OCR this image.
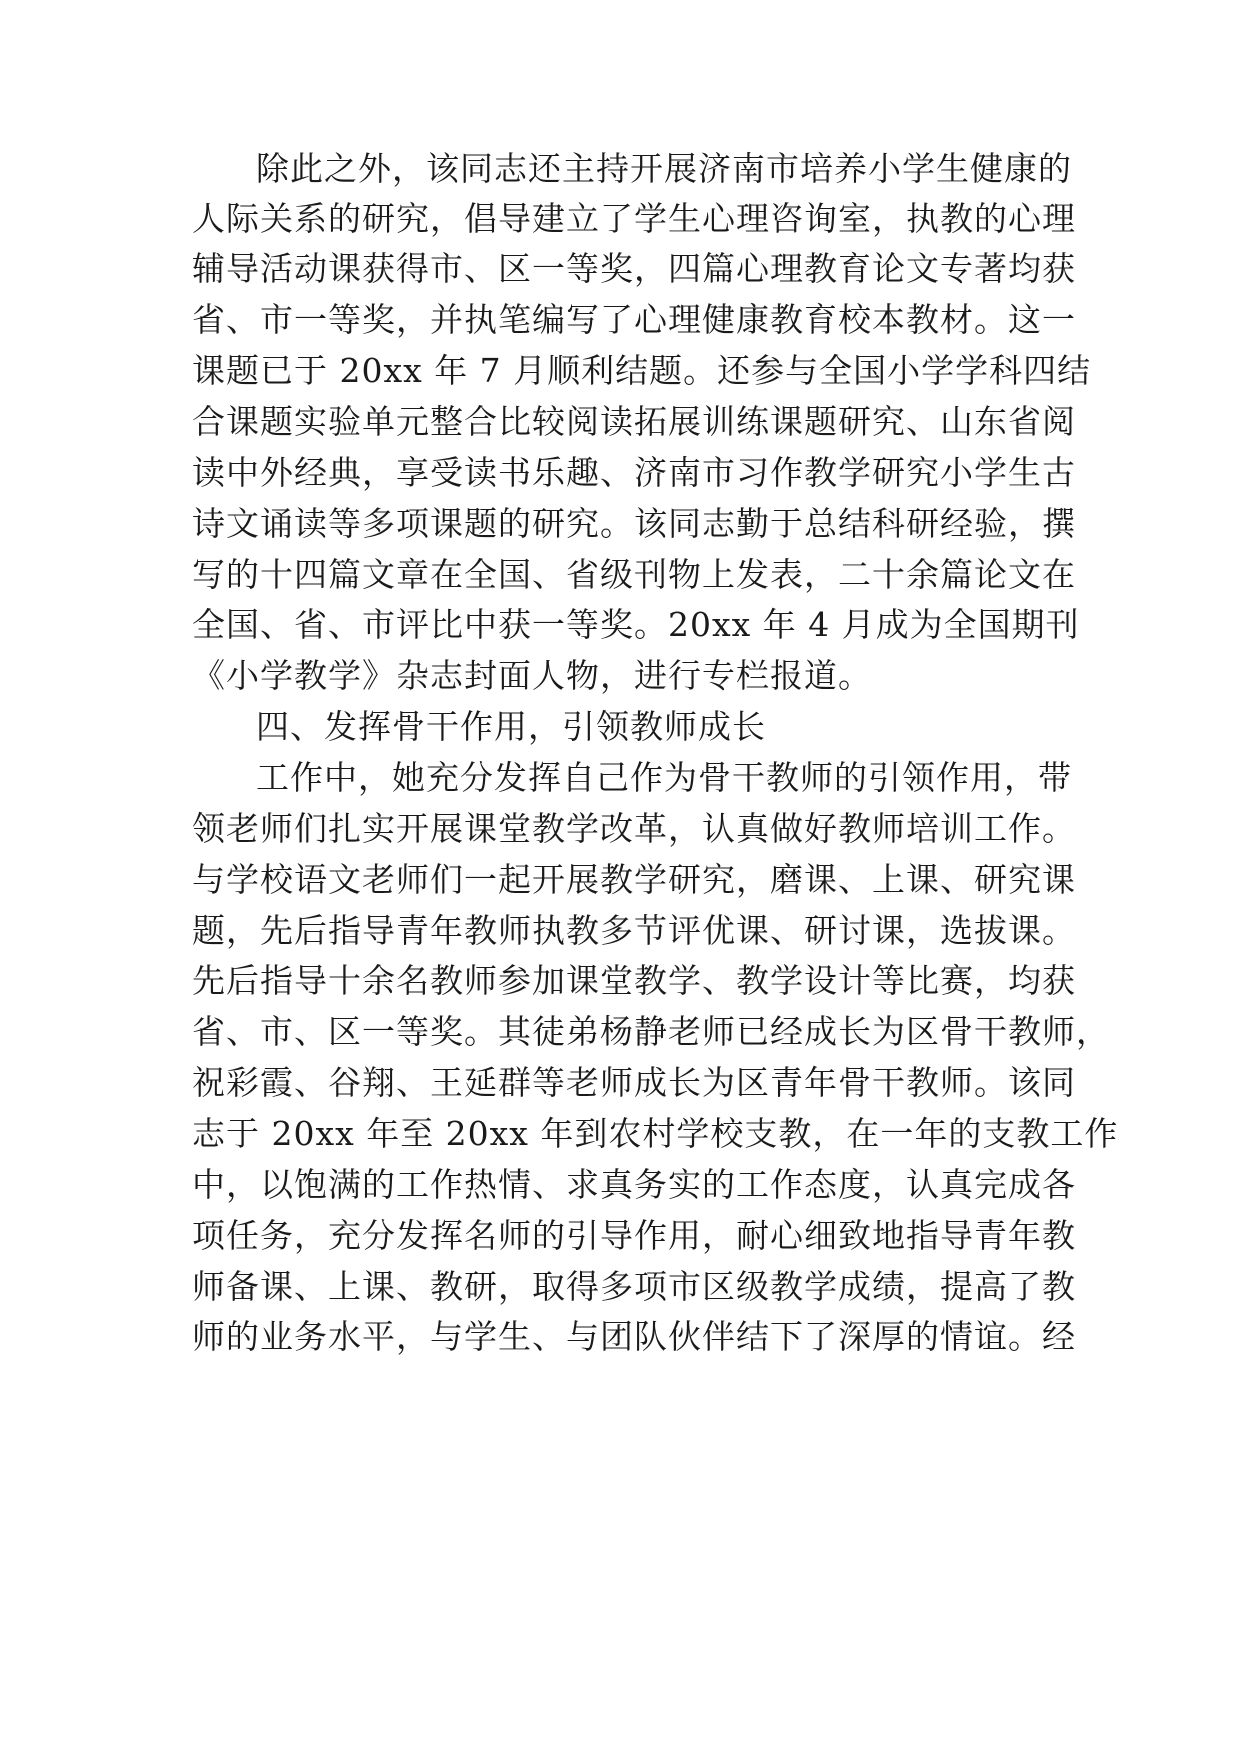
除此之外，该同志还主持开展济南市培养小学生健康的
人际关系的研究，倡导建立了学生心理咨询室，执教的心理
辅导活动课获得市、区一等奖，四篇心理教育论文专著均获
省、市一等奖，并执笔编写了心理健康教育校本教材。这一
课题已于 20xx 年 7 月顺利结题。还参与全国小学学科四结
合课题实验单元整合比较阅读拓展训练课题研究、山东省阅
读中外经典，享受读书乐趣、济南市习作教学研究小学生古
诗文诵读等多项课题的研究。该同志勤于总结科研经验，撰
写的十四篇文章在全国、省级刊物上发表，二十余篇论文在
全国、省、市评比中获一等奖。20xx 年 4 月成为全国期刊
《小学教学》杂志封面人物，进行专栏报道。
四、发挥骨干作用，引领教师成长
工作中，她充分发挥自己作为骨干教师的引领作用，带
领老师们扎实开展课堂教学改革，认真做好教师培训工作。
与学校语文老师们一起开展教学研究，磨课、上课、研究课
题，先后指导青年教师执教多节评优课、研讨课，选拔课。
先后指导十余名教师参加课堂教学、教学设计等比赛，均获
省、市、区一等奖。其徒弟杨静老师已经成长为区骨干教师，
祝彩霞、谷翔、王延群等老师成长为区青年骨干教师。该同
志于 20xx 年至 20xx 年到农村学校支教，在一年的支教工作
中，以饱满的工作热情、求真务实的工作态度，认真完成各
项任务，充分发挥名师的引导作用，耐心细致地指导青年教
师备课、上课、教研，取得多项市区级教学成绩，提高了教
师的业务水平，与学生、与团队伙伴结下了深厚的情谊。经
